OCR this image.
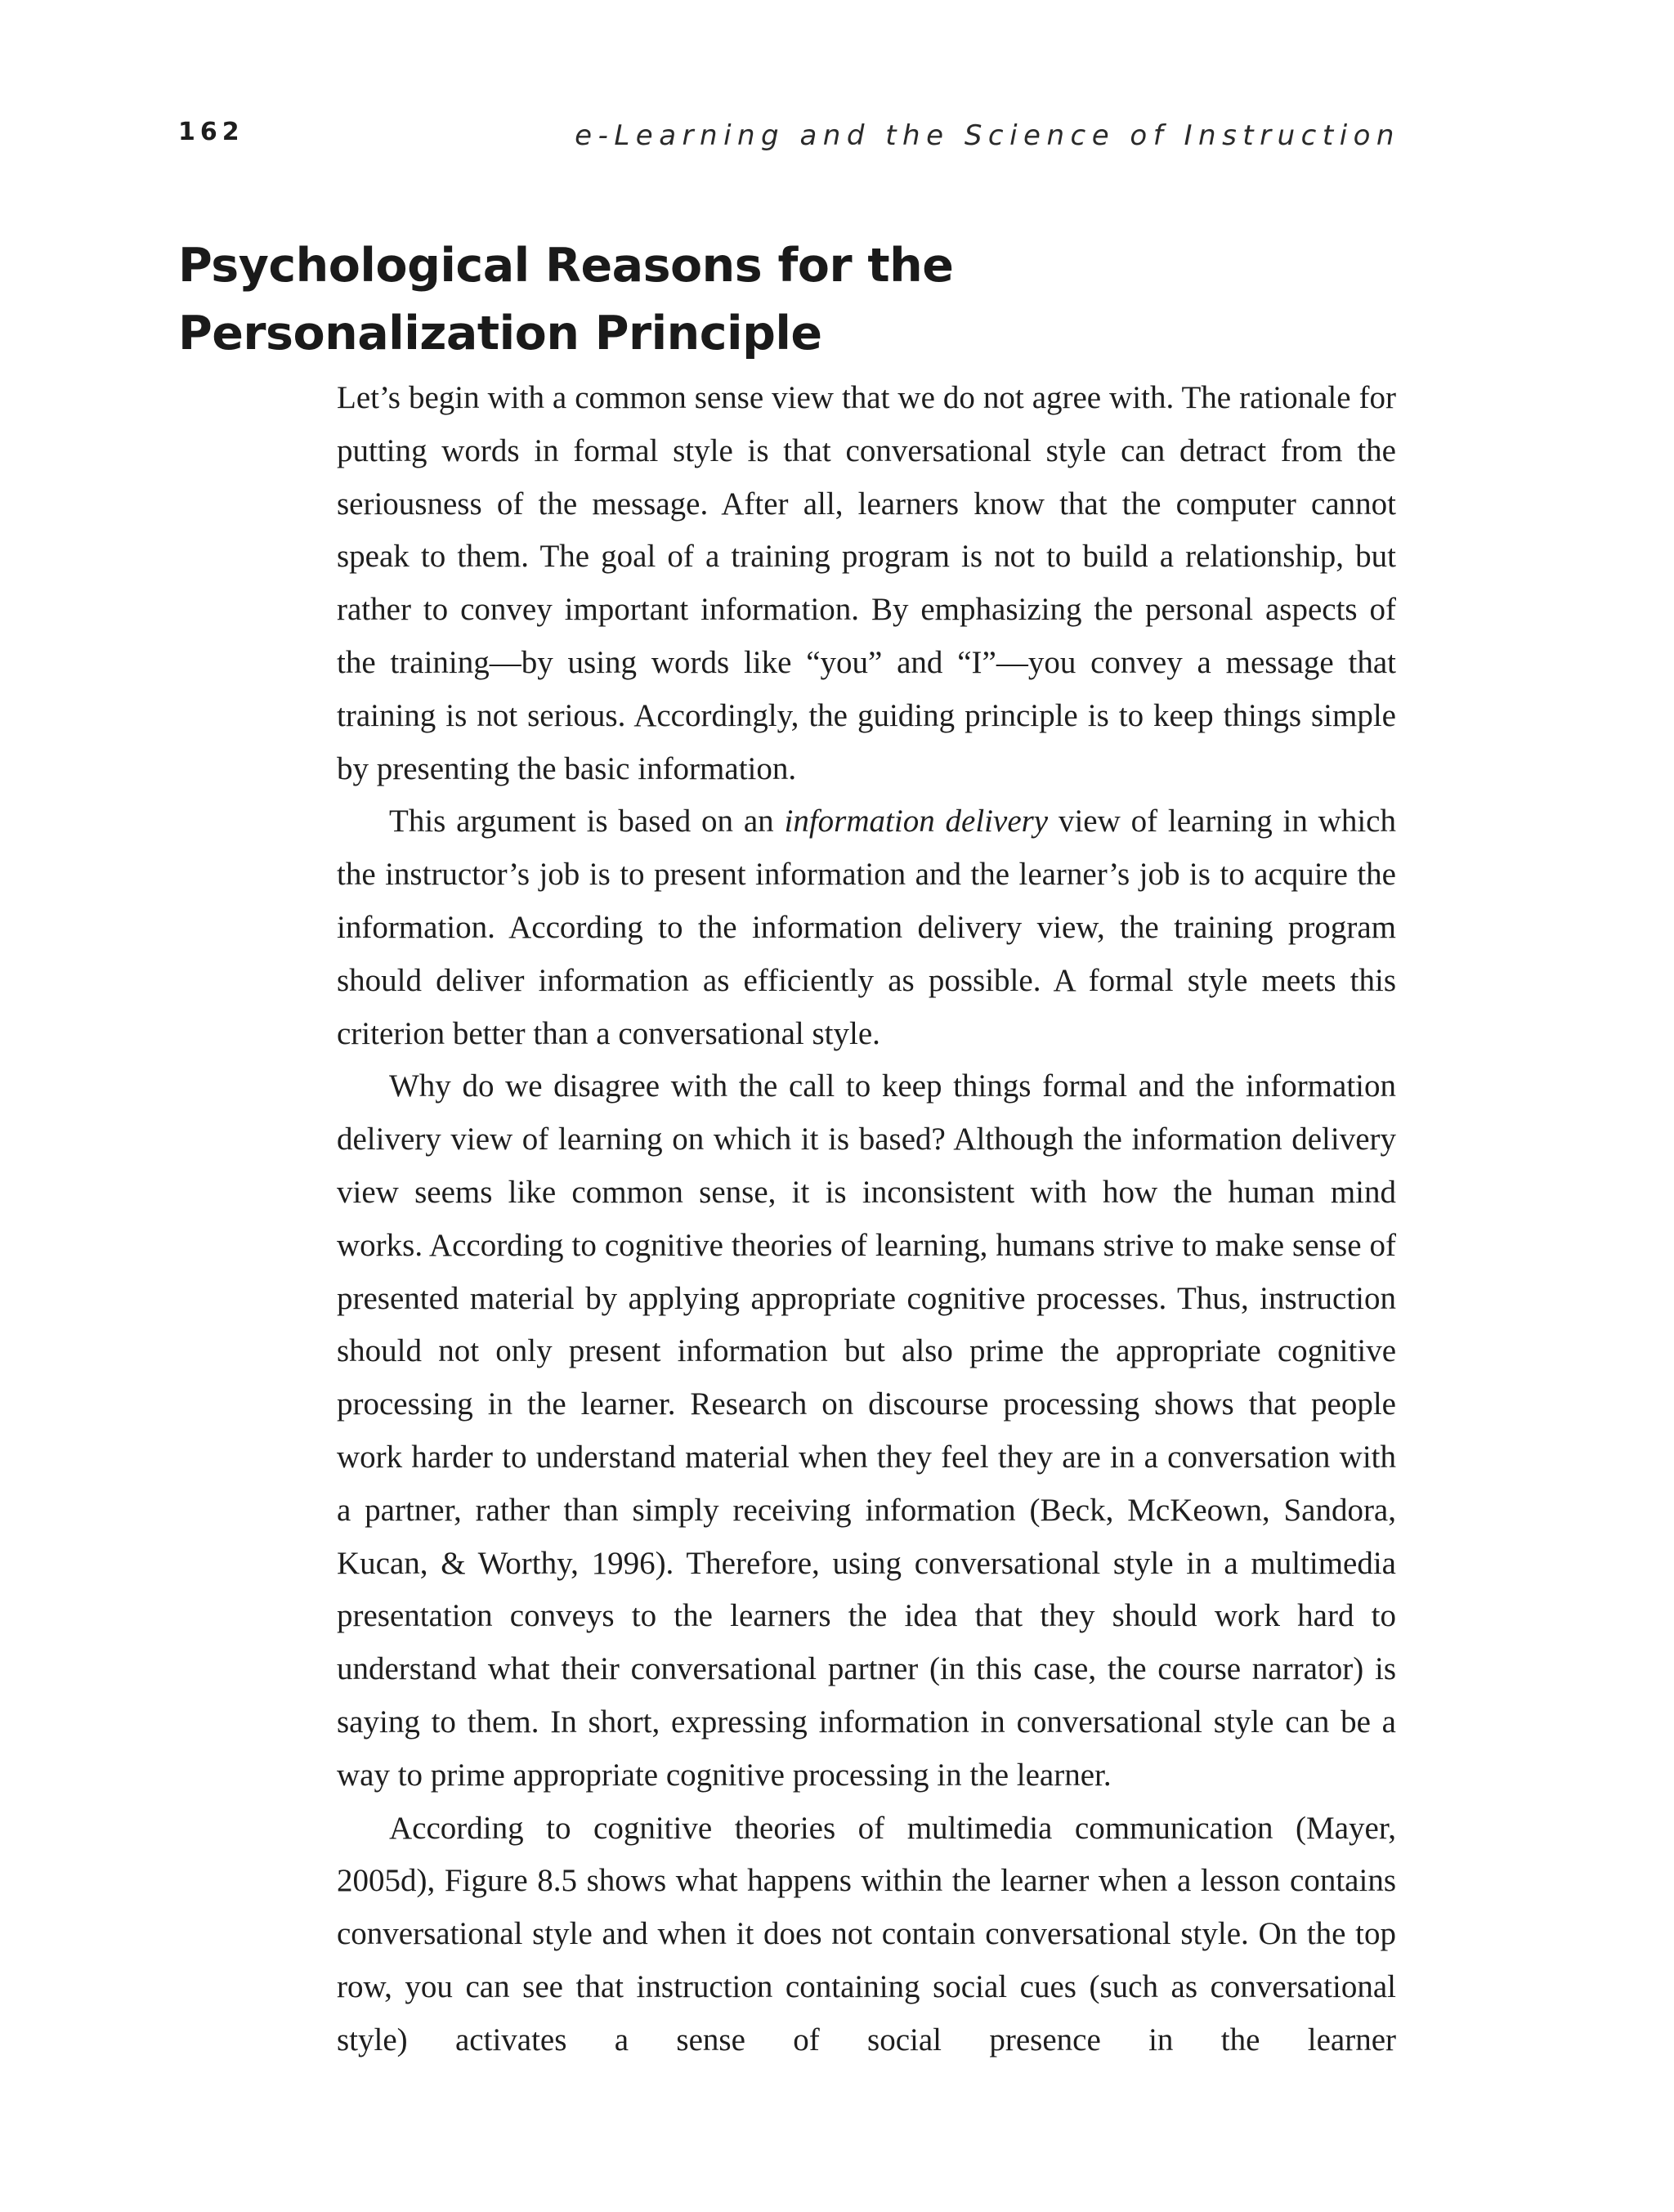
162	e-Learning and the Science of Instruction
Psychological Reasons for the Personalization Principle

Let’s begin with a common sense view that we do not agree with. The rationale for putting words in formal style is that conversational style can detract from the seriousness of the message. After all, learners know that the computer cannot speak to them. The goal of a training program is not to build a relationship, but rather to convey important information. By emphasizing the personal aspects of the training—by using words like “you” and “I”—you convey a message that training is not serious. Accordingly, the guiding principle is to keep things simple by presenting the basic information.

This argument is based on an information delivery view of learning in which the instructor’s job is to present information and the learner’s job is to acquire the information. According to the information delivery view, the training program should deliver information as efficiently as possible. A formal style meets this criterion better than a conversational style.

Why do we disagree with the call to keep things formal and the information delivery view of learning on which it is based? Although the information delivery view seems like common sense, it is inconsistent with how the human mind works. According to cognitive theories of learning, humans strive to make sense of presented material by applying appropriate cognitive processes. Thus, instruction should not only present information but also prime the appropriate cognitive processing in the learner. Research on discourse processing shows that people work harder to understand material when they feel they are in a conversation with a partner, rather than simply receiving information (Beck, McKeown, Sandora, Kucan, & Worthy, 1996). Therefore, using conversational style in a multimedia presentation conveys to the learners the idea that they should work hard to understand what their conversational partner (in this case, the course narrator) is saying to them. In short, expressing information in conversational style can be a way to prime appropriate cognitive processing in the learner.

According to cognitive theories of multimedia communication (Mayer, 2005d), Figure 8.5 shows what happens within the learner when a lesson contains conversational style and when it does not contain conversational style. On the top row, you can see that instruction containing social cues (such as conversational style) activates a sense of social presence in the learner
